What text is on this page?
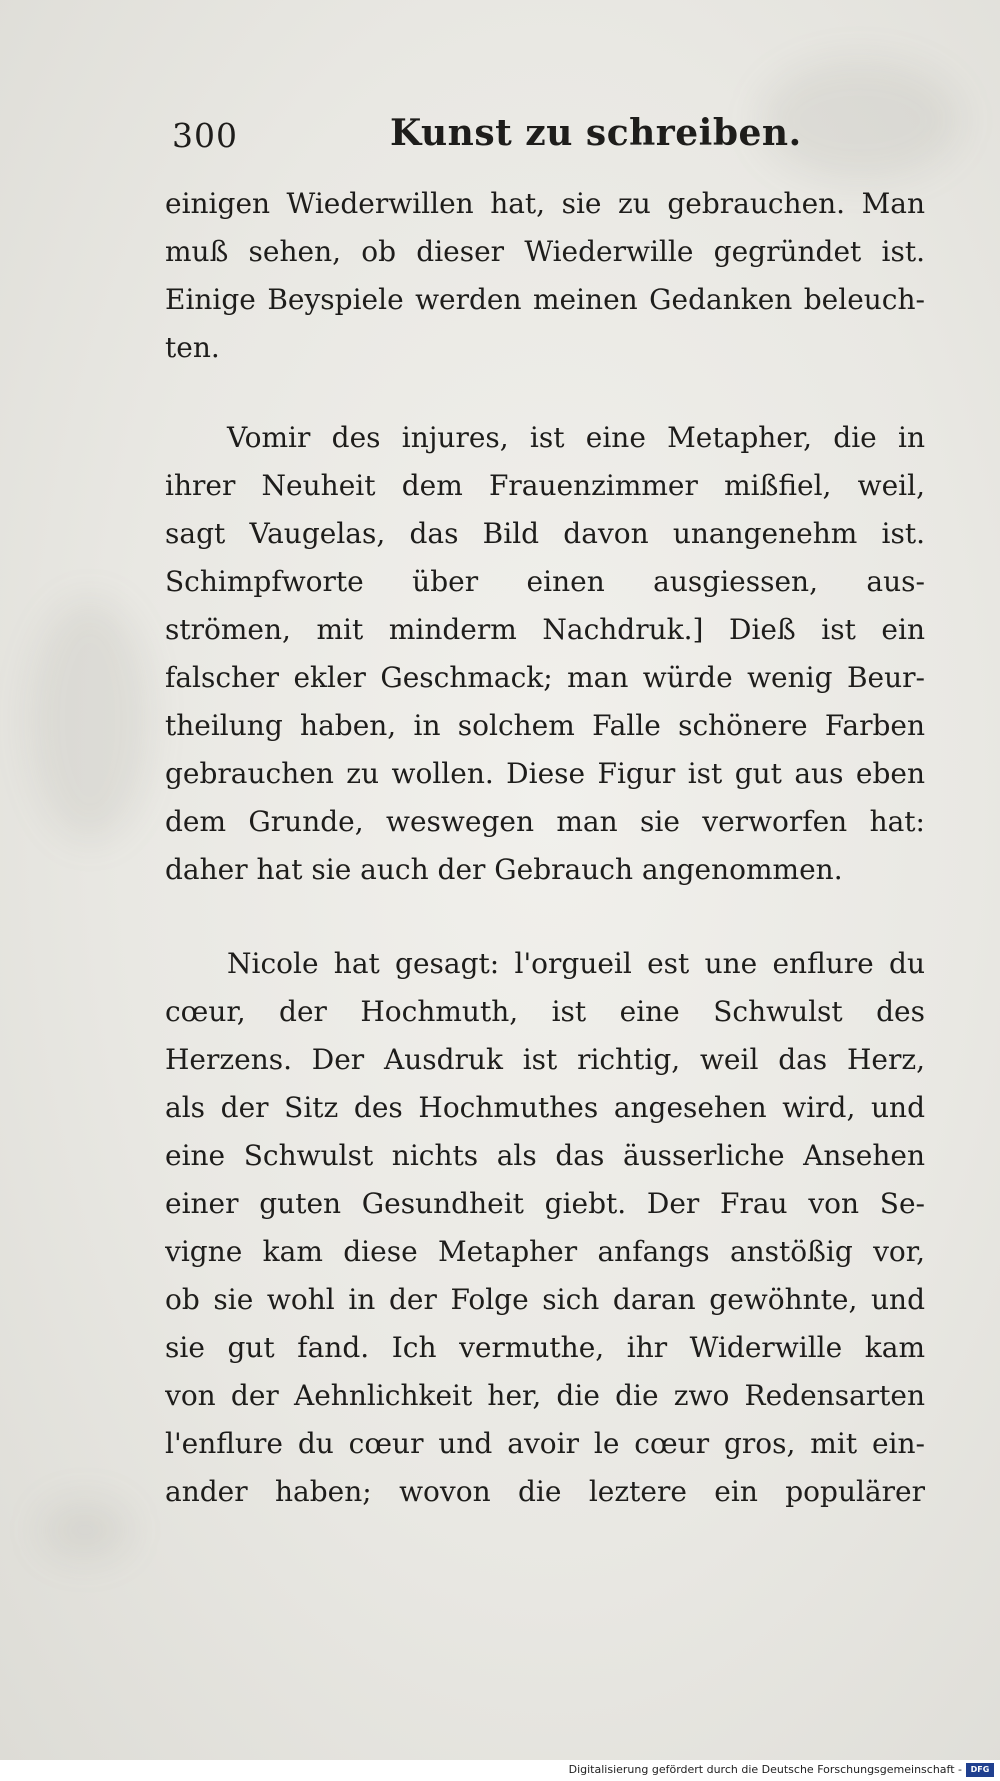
300	Kunst zu schreiben.
einigen Wiederwillen hat, sie zu gebrauchen. Man
muß sehen, ob dieser Wiederwille gegründet ist.
Einige Beyspiele werden meinen Gedanken beleuch-
ten.
Vomir des injures, ist eine Metapher, die in
ihrer Neuheit dem Frauenzimmer mißfiel, weil,
sagt Vaugelas, das Bild davon unangenehm ist.
Schimpfworte über einen ausgiessen, aus-
strömen, mit minderm Nachdruk.] Dieß ist ein
falscher ekler Geschmack; man würde wenig Beur-
theilung haben, in solchem Falle schönere Farben
gebrauchen zu wollen. Diese Figur ist gut aus eben
dem Grunde, weswegen man sie verworfen hat:
daher hat sie auch der Gebrauch angenommen.
Nicole hat gesagt: l'orgueil est une enflure du
cœur, der Hochmuth, ist eine Schwulst des
Herzens. Der Ausdruk ist richtig, weil das Herz,
als der Sitz des Hochmuthes angesehen wird, und
eine Schwulst nichts als das äusserliche Ansehen
einer guten Gesundheit giebt. Der Frau von Se-
vigne kam diese Metapher anfangs anstößig vor,
ob sie wohl in der Folge sich daran gewöhnte, und
sie gut fand. Ich vermuthe, ihr Widerwille kam
von der Aehnlichkeit her, die die zwo Redensarten
l'enflure du cœur und avoir le cœur gros, mit ein-
ander haben; wovon die leztere ein populärer
Digitalisierung gefördert durch die Deutsche Forschungsgemeinschaft -	DFG
